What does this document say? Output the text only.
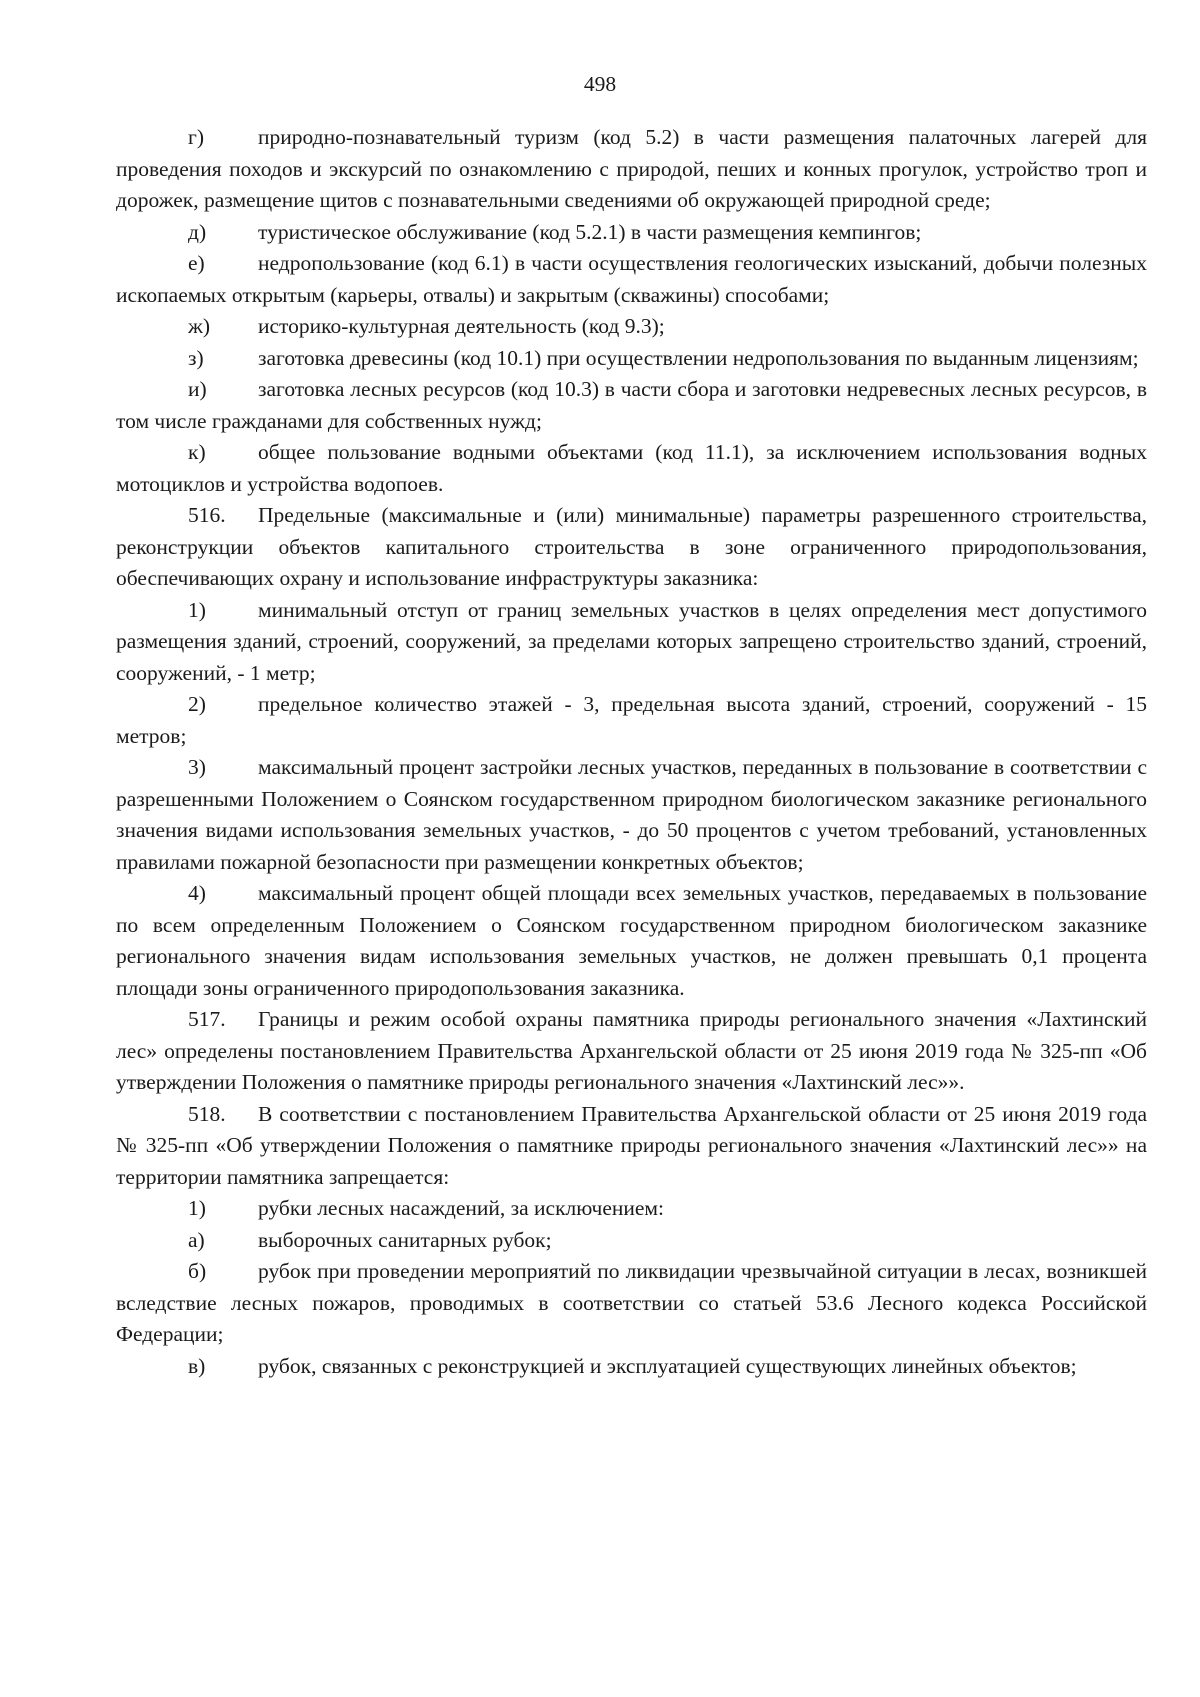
498

г)	природно-познавательный туризм (код 5.2) в части размещения палаточных лагерей для проведения походов и экскурсий по ознакомлению с природой, пеших и конных прогулок, устройство троп и дорожек, размещение щитов с познавательными сведениями об окружающей природной среде;

д) туристическое обслуживание (код 5.2.1) в части размещения кемпингов;

е) недропользование (код 6.1) в части осуществления геологических изысканий, добычи полезных ископаемых открытым (карьеры, отвалы) и закрытым (скважины) способами;

ж) историко-культурная деятельность (код 9.3);

з)	заготовка древесины (код 10.1) при осуществлении недропользования по выданным лицензиям;

и) заготовка лесных ресурсов (код 10.3) в части сбора и заготовки недревесных лесных ресурсов, в том числе гражданами для собственных нужд;

к) общее пользование водными объектами (код 11.1), за исключением использования водных мотоциклов и устройства водопоев.

516. Предельные (максимальные и (или) минимальные) параметры разрешенного строительства, реконструкции объектов капитального строительства в зоне ограниченного природопользования, обеспечивающих охрану и использование инфраструктуры заказника:

1) минимальный отступ от границ земельных участков в целях определения мест допустимого размещения зданий, строений, сооружений, за пределами которых запрещено строительство зданий, строений, сооружений, - 1 метр;

2) предельное количество этажей - 3, предельная высота зданий, строений, сооружений - 15 метров;

3) максимальный процент застройки лесных участков, переданных в пользование в соответствии с разрешенными Положением о Соянском государственном природном биологическом заказнике регионального значения видами использования земельных участков, - до 50 процентов с учетом требований, установленных правилами пожарной безопасности при размещении конкретных объектов;

4) максимальный процент общей площади всех земельных участков, передаваемых в пользование по всем определенным Положением о Соянском государственном природном биологическом заказнике регионального значения видам использования земельных участков, не должен превышать 0,1 процента площади зоны ограниченного природопользования заказника.

517. Границы и режим особой охраны памятника природы регионального значения «Лахтинский лес» определены постановлением Правительства Архангельской области от 25 июня 2019 года № 325-пп «Об утверждении Положения о памятнике природы регионального значения «Лахтинский лес»».

518. В соответствии с постановлением Правительства Архангельской области от 25 июня 2019 года № 325-пп «Об утверждении Положения о памятнике природы регионального значения «Лахтинский лес»» на территории памятника запрещается:

1) рубки лесных насаждений, за исключением:

а) выборочных санитарных рубок;

б) рубок при проведении мероприятий по ликвидации чрезвычайной ситуации в лесах, возникшей вследствие лесных пожаров, проводимых в соответствии со статьей 53.6 Лесного кодекса Российской Федерации;

в) рубок, связанных с реконструкцией и эксплуатацией существующих линейных объектов;
